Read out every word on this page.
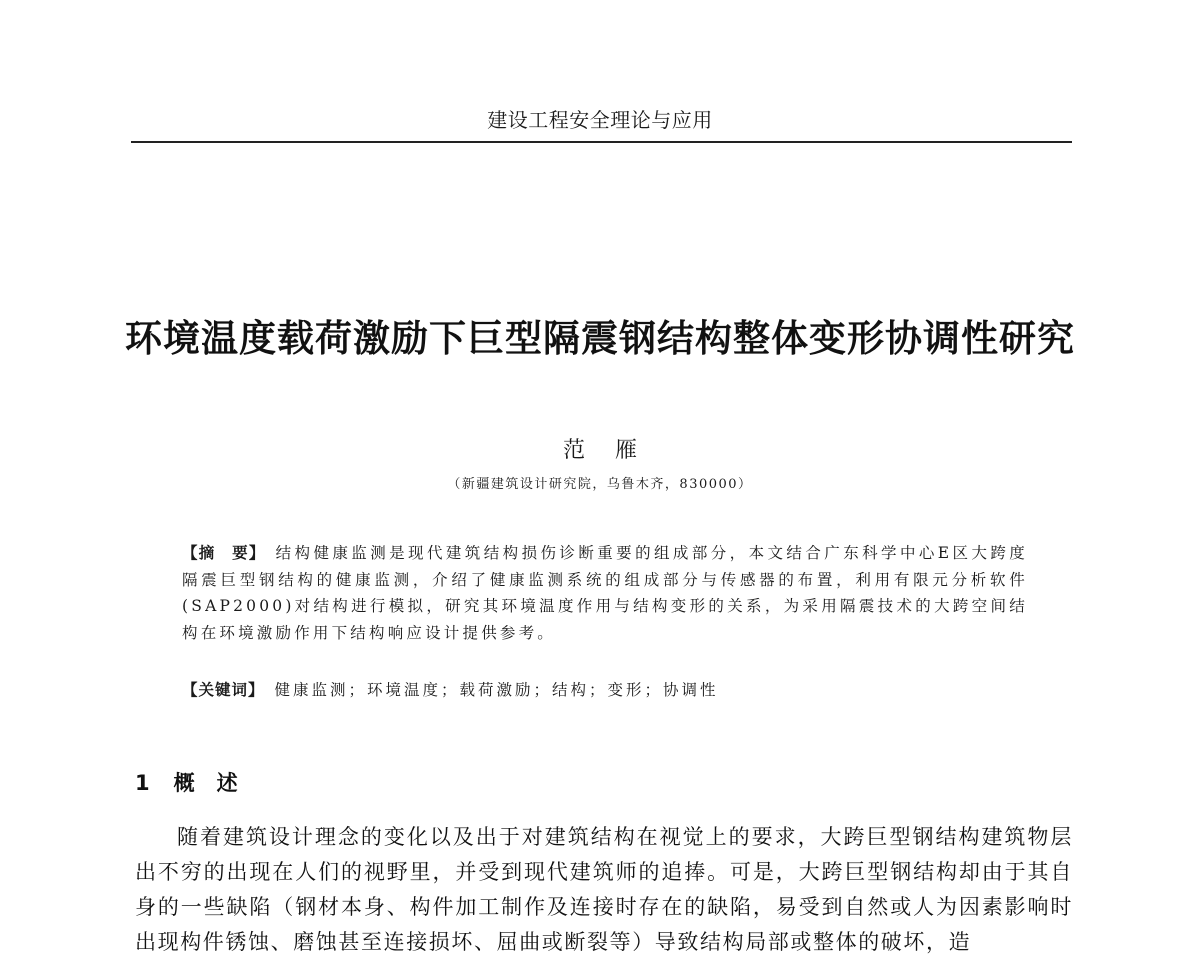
建设工程安全理论与应用
环境温度载荷激励下巨型隔震钢结构整体变形协调性研究
范雁
（新疆建筑设计研究院，乌鲁木齐，830000）
【摘　要】 结构健康监测是现代建筑结构损伤诊断重要的组成部分，本文结合广东科学中心E区大跨度隔震巨型钢结构的健康监测，介绍了健康监测系统的组成部分与传感器的布置，利用有限元分析软件(SAP2000)对结构进行模拟，研究其环境温度作用与结构变形的关系，为采用隔震技术的大跨空间结构在环境激励作用下结构响应设计提供参考。
【关键词】 健康监测；环境温度；载荷激励；结构；变形；协调性
1 概述
随着建筑设计理念的变化以及出于对建筑结构在视觉上的要求，大跨巨型钢结构建筑物层出不穷的出现在人们的视野里，并受到现代建筑师的追捧。可是，大跨巨型钢结构却由于其自身的一些缺陷（钢材本身、构件加工制作及连接时存在的缺陷，易受到自然或人为因素影响时出现构件锈蚀、磨蚀甚至连接损坏、屈曲或断裂等）导致结构局部或整体的破坏，造
